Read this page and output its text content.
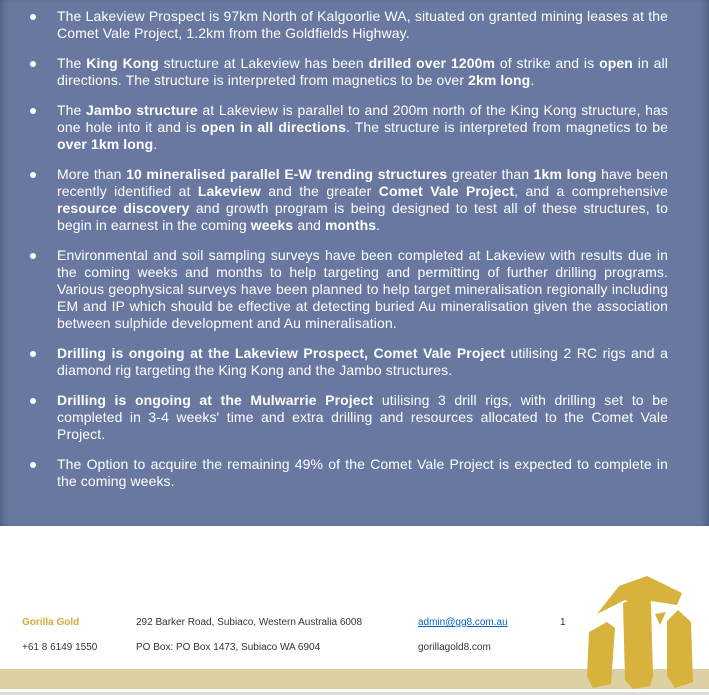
The Lakeview Prospect is 97km North of Kalgoorlie WA, situated on granted mining leases at the Comet Vale Project, 1.2km from the Goldfields Highway.
The King Kong structure at Lakeview has been drilled over 1200m of strike and is open in all directions. The structure is interpreted from magnetics to be over 2km long.
The Jambo structure at Lakeview is parallel to and 200m north of the King Kong structure, has one hole into it and is open in all directions. The structure is interpreted from magnetics to be over 1km long.
More than 10 mineralised parallel E-W trending structures greater than 1km long have been recently identified at Lakeview and the greater Comet Vale Project, and a comprehensive resource discovery and growth program is being designed to test all of these structures, to begin in earnest in the coming weeks and months.
Environmental and soil sampling surveys have been completed at Lakeview with results due in the coming weeks and months to help targeting and permitting of further drilling programs. Various geophysical surveys have been planned to help target mineralisation regionally including EM and IP which should be effective at detecting buried Au mineralisation given the association between sulphide development and Au mineralisation.
Drilling is ongoing at the Lakeview Prospect, Comet Vale Project utilising 2 RC rigs and a diamond rig targeting the King Kong and the Jambo structures.
Drilling is ongoing at the Mulwarrie Project utilising 3 drill rigs, with drilling set to be completed in 3-4 weeks' time and extra drilling and resources allocated to the Comet Vale Project.
The Option to acquire the remaining 49% of the Comet Vale Project is expected to complete in the coming weeks.
Gorilla Gold
+61 8 6149 1550
292 Barker Road, Subiaco, Western Australia 6008
PO Box: PO Box 1473, Subiaco WA 6904
admin@gg8.com.au
gorillagold8.com
1
